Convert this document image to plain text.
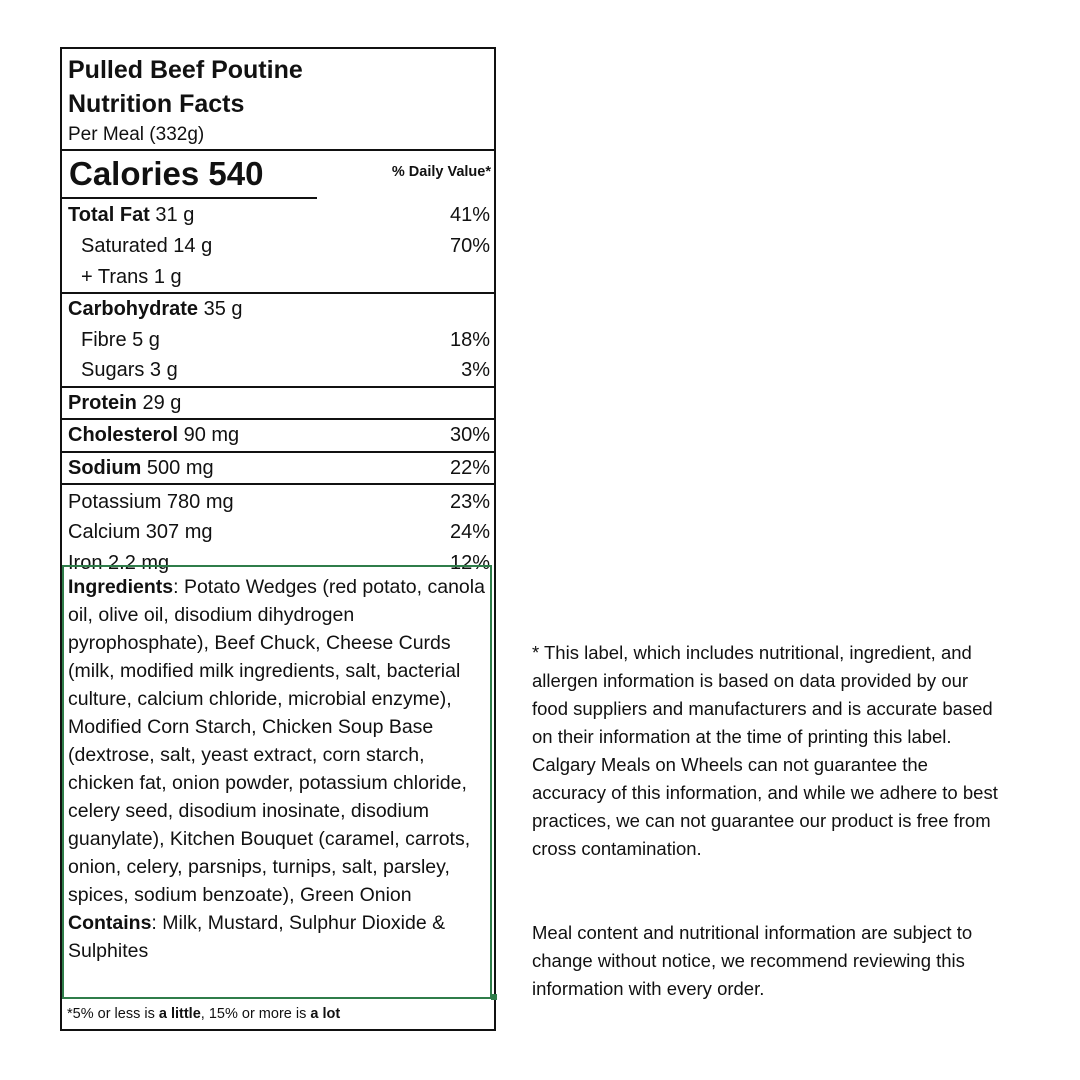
Pulled Beef Poutine
Nutrition Facts
Per Meal (332g)
Calories 540	% Daily Value*
Total Fat 31 g	41%
Saturated 14 g	70%
+ Trans 1 g
Carbohydrate 35 g
Fibre 5 g	18%
Sugars 3 g	3%
Protein 29 g
Cholesterol 90 mg	30%
Sodium 500 mg	22%
Potassium 780 mg	23%
Calcium 307 mg	24%
Iron 2.2 mg	12%
Ingredients: Potato Wedges (red potato, canola oil, olive oil, disodium dihydrogen pyrophosphate), Beef Chuck, Cheese Curds (milk, modified milk ingredients, salt, bacterial culture, calcium chloride, microbial enzyme), Modified Corn Starch, Chicken Soup Base (dextrose, salt, yeast extract, corn starch, chicken fat, onion powder, potassium chloride, celery seed, disodium inosinate, disodium guanylate), Kitchen Bouquet (caramel, carrots, onion, celery, parsnips, turnips, salt, parsley, spices, sodium benzoate), Green Onion
Contains: Milk, Mustard, Sulphur Dioxide & Sulphites
*5% or less is a little, 15% or more is a lot
* This label, which includes nutritional, ingredient, and allergen information is based on data provided by our food suppliers and manufacturers and is accurate based on their information at the time of printing this label. Calgary Meals on Wheels can not guarantee the accuracy of this information, and while we adhere to best practices, we can not guarantee our product is free from cross contamination.
Meal content and nutritional information are subject to change without notice, we recommend reviewing this information with every order.
